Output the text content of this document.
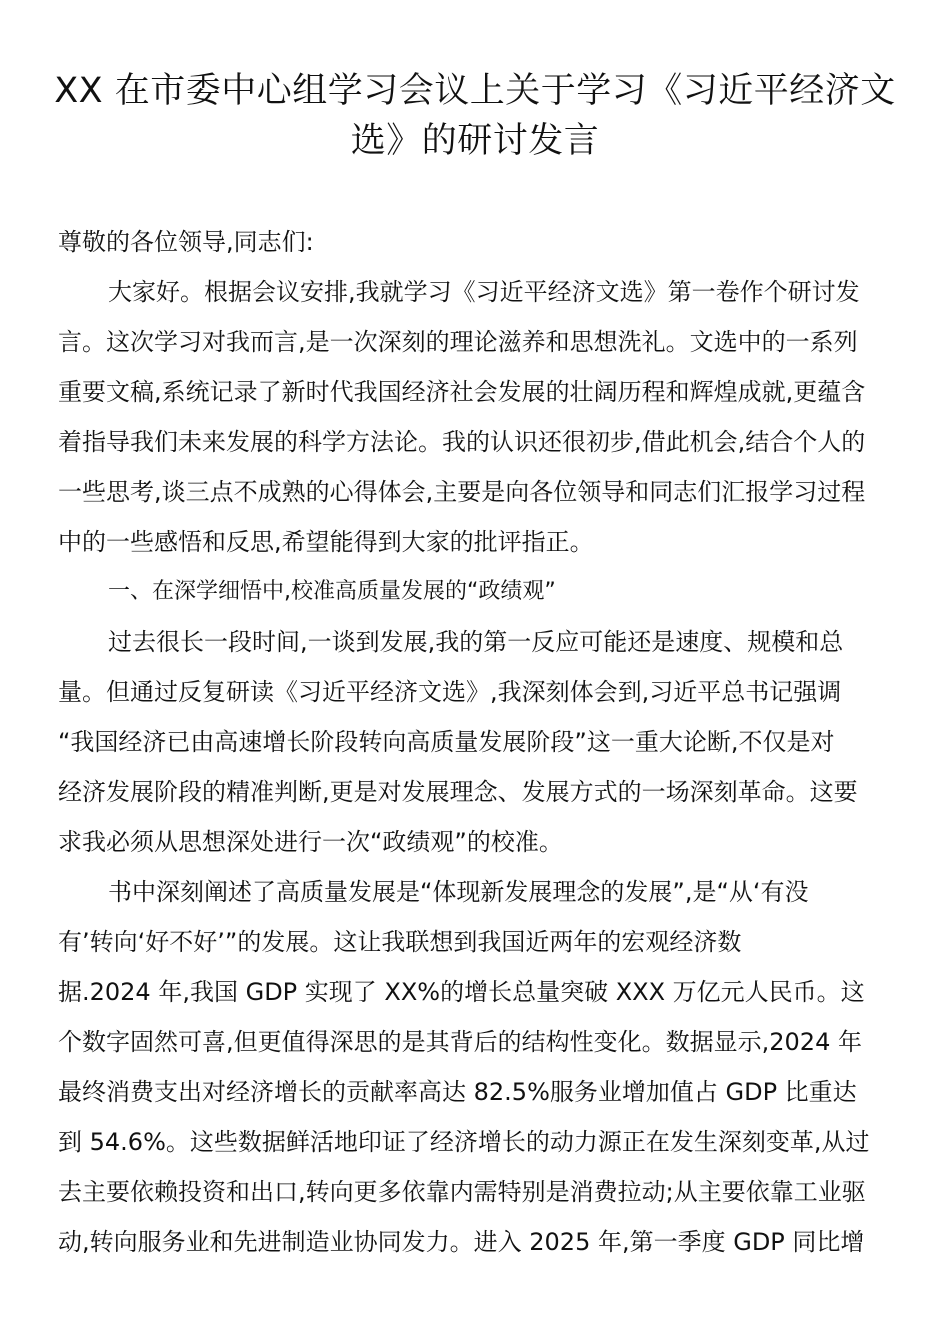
XX 在市委中心组学习会议上关于学习《习近平经济文
选》的研讨发言

尊敬的各位领导,同志们:

大家好。根据会议安排,我就学习《习近平经济文选》第一卷作个研讨发

言。这次学习对我而言,是一次深刻的理论滋养和思想洗礼。文选中的一系列

重要文稿,系统记录了新时代我国经济社会发展的壮阔历程和辉煌成就,更蕴含

着指导我们未来发展的科学方法论。我的认识还很初步,借此机会,结合个人的

一些思考,谈三点不成熟的心得体会,主要是向各位领导和同志们汇报学习过程

中的一些感悟和反思,希望能得到大家的批评指正。

一、在深学细悟中,校准高质量发展的“政绩观”

过去很长一段时间,一谈到发展,我的第一反应可能还是速度、规模和总

量。但通过反复研读《习近平经济文选》,我深刻体会到,习近平总书记强调

“我国经济已由高速增长阶段转向高质量发展阶段”这一重大论断,不仅是对

经济发展阶段的精准判断,更是对发展理念、发展方式的一场深刻革命。这要

求我必须从思想深处进行一次“政绩观”的校准。

书中深刻阐述了高质量发展是“体现新发展理念的发展”,是“从‘有没

有’转向‘好不好’”的发展。这让我联想到我国近两年的宏观经济数

据.2024 年,我国 GDP 实现了 XX%的增长总量突破 XXX 万亿元人民币。这

个数字固然可喜,但更值得深思的是其背后的结构性变化。数据显示,2024 年

最终消费支出对经济增长的贡献率高达 82.5%服务业增加值占 GDP 比重达

到 54.6%。这些数据鲜活地印证了经济增长的动力源正在发生深刻变革,从过

去主要依赖投资和出口,转向更多依靠内需特别是消费拉动;从主要依靠工业驱

动,转向服务业和先进制造业协同发力。进入 2025 年,第一季度 GDP 同比增
